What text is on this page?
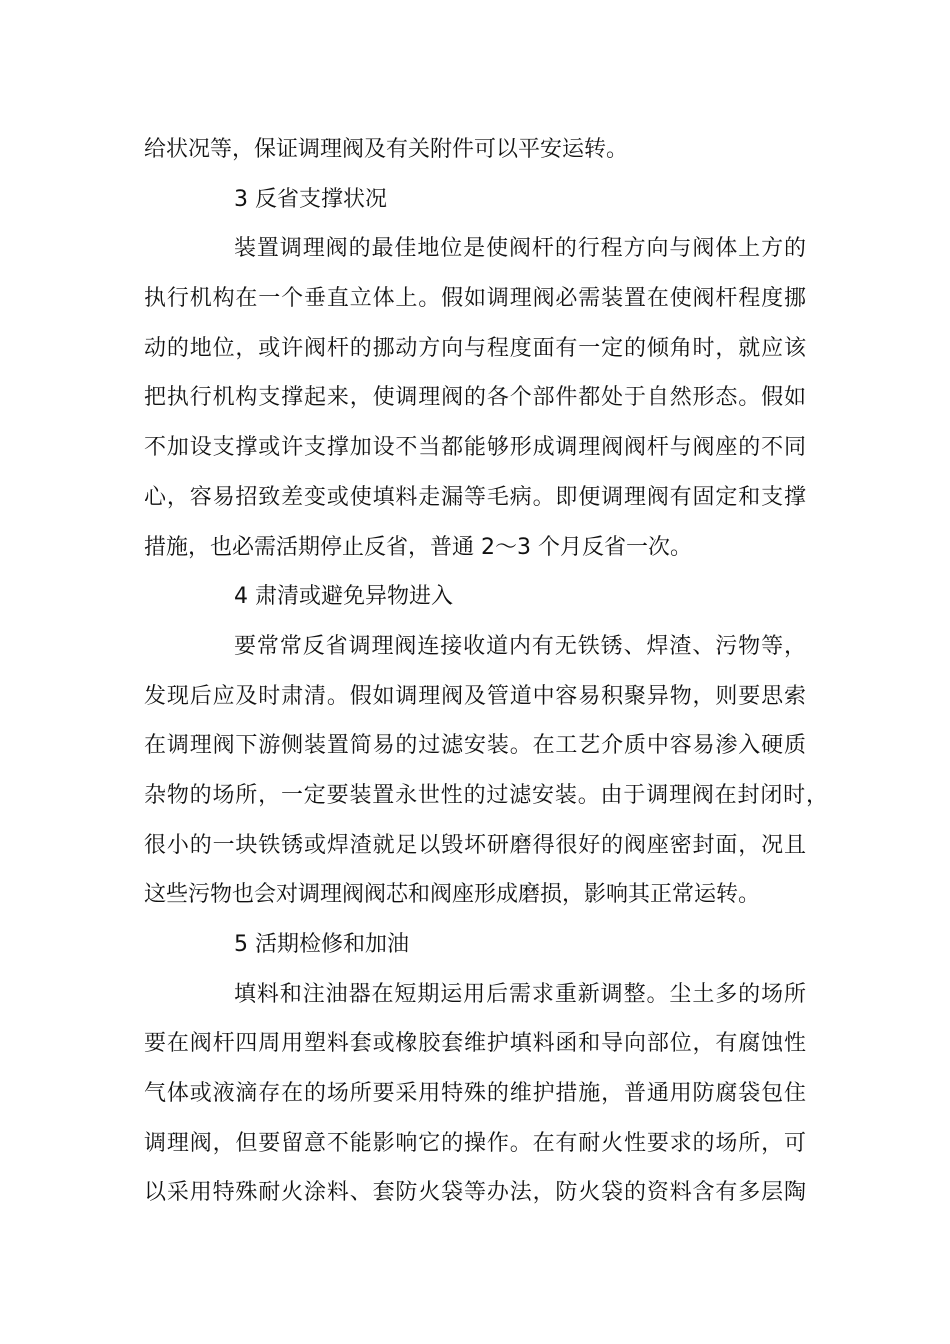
给状况等，保证调理阀及有关附件可以平安运转。
3 反省支撑状况
装置调理阀的最佳地位是使阀杆的行程方向与阀体上方的
执行机构在一个垂直立体上。假如调理阀必需装置在使阀杆程度挪
动的地位，或许阀杆的挪动方向与程度面有一定的倾角时，就应该
把执行机构支撑起来，使调理阀的各个部件都处于自然形态。假如
不加设支撑或许支撑加设不当都能够形成调理阀阀杆与阀座的不同
心，容易招致差变或使填料走漏等毛病。即便调理阀有固定和支撑
措施，也必需活期停止反省，普通 2～3 个月反省一次。
4 肃清或避免异物进入
要常常反省调理阀连接收道内有无铁锈、焊渣、污物等，
发现后应及时肃清。假如调理阀及管道中容易积聚异物，则要思索
在调理阀下游侧装置简易的过滤安装。在工艺介质中容易渗入硬质
杂物的场所，一定要装置永世性的过滤安装。由于调理阀在封闭时，
很小的一块铁锈或焊渣就足以毁坏研磨得很好的阀座密封面，况且
这些污物也会对调理阀阀芯和阀座形成磨损，影响其正常运转。
5 活期检修和加油
填料和注油器在短期运用后需求重新调整。尘土多的场所
要在阀杆四周用塑料套或橡胶套维护填料函和导向部位，有腐蚀性
气体或液滴存在的场所要采用特殊的维护措施，普通用防腐袋包住
调理阀，但要留意不能影响它的操作。在有耐火性要求的场所，可
以采用特殊耐火涂料、套防火袋等办法，防火袋的资料含有多层陶
